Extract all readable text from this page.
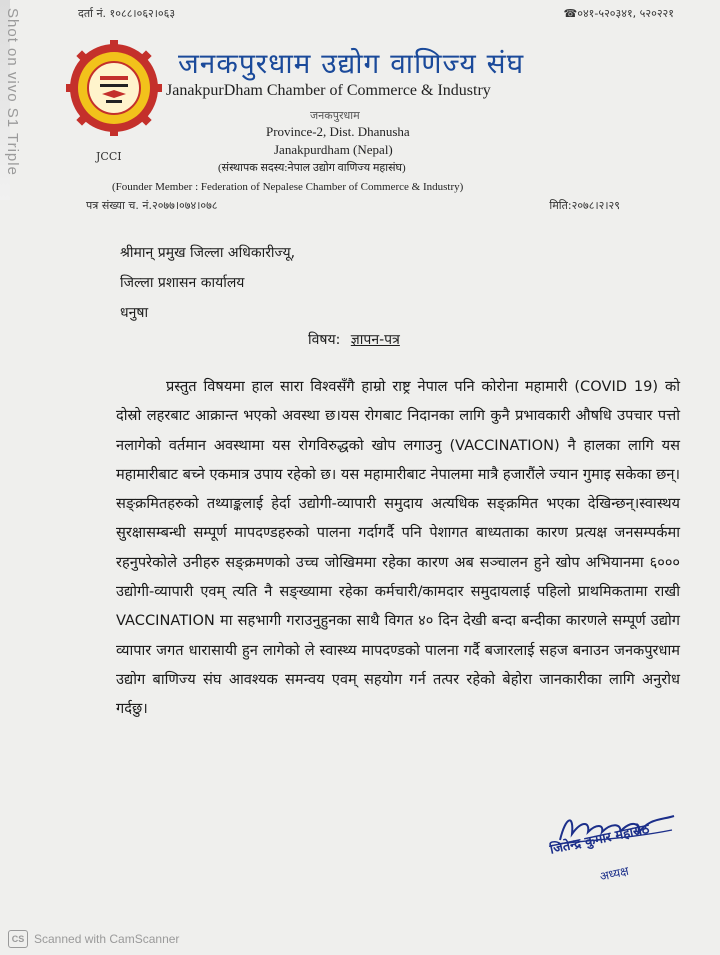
Shot on vivo S1 Triple
दर्ता नं. १०८८।०६२।०६३	☎०४१-५२०३४१, ५२०२२१
JCCI
जनकपुरधाम उद्योग वाणिज्य संघ
JanakpurDham Chamber of Commerce & Industry
जनकपुरधाम
Province-2, Dist. Dhanusha
Janakpurdham (Nepal)
(संस्थापक सदस्य:नेपाल उद्योग वाणिज्य महासंघ)
(Founder Member : Federation of Nepalese Chamber of Commerce & Industry)
पत्र संख्या च. नं.२०७७।०७४।०७८	मिति:२०७८।२।२९
श्रीमान् प्रमुख जिल्ला अधिकारीज्यू,
जिल्ला प्रशासन कार्यालय
धनुषा
विषय: ज्ञापन-पत्र
प्रस्तुत विषयमा हाल सारा विश्वसँगै हाम्रो राष्ट्र नेपाल पनि कोरोना महामारी (COVID 19) को दोस्रो लहरबाट आक्रान्त भएको अवस्था छ।यस रोगबाट निदानका लागि कुनै प्रभावकारी औषधि उपचार पत्तो नलागेको वर्तमान अवस्थामा यस रोगविरुद्धको खोप लगाउनु (VACCINATION) नै हालका लागि यस महामारीबाट बच्ने एकमात्र उपाय रहेको छ। यस महामारीबाट नेपालमा मात्रै हजारौंले ज्यान गुमाइ सकेका छन्।सङ्क्रमितहरुको तथ्याङ्कलाई हेर्दा उद्योगी-व्यापारी समुदाय अत्यधिक सङ्क्रमित भएका देखिन्छन्।स्वास्थय सुरक्षासम्बन्धी सम्पूर्ण मापदण्डहरुको पालना गर्दागर्दै पनि पेशागत बाध्यताका कारण प्रत्यक्ष जनसम्पर्कमा रहनुपरेकोले उनीहरु सङ्क्रमणको उच्च जोखिममा रहेका कारण अब सञ्चालन हुने खोप अभियानमा ६००० उद्योगी-व्यापारी एवम् त्यति नै सङ्ख्यामा रहेका कर्मचारी/कामदार समुदायलाई पहिलो प्राथमिकतामा राखी VACCINATION मा सहभागी गराउनुहुनका साथै विगत ४० दिन देखी बन्दा बन्दीका कारणले सम्पूर्ण उद्योग व्यापार जगत धारासायी हुन लागेको ले स्वास्थ्य मापदण्डको पालना गर्दै बजारलाई सहज बनाउन जनकपुरधाम उद्योग बाणिज्य संघ आवश्यक समन्वय एवम् सहयोग गर्न तत्पर रहेको बेहोरा जानकारीका लागि अनुरोध गर्दछु।
जितेन्द्र कुमार महासेठ
अध्यक्ष
CS Scanned with CamScanner
